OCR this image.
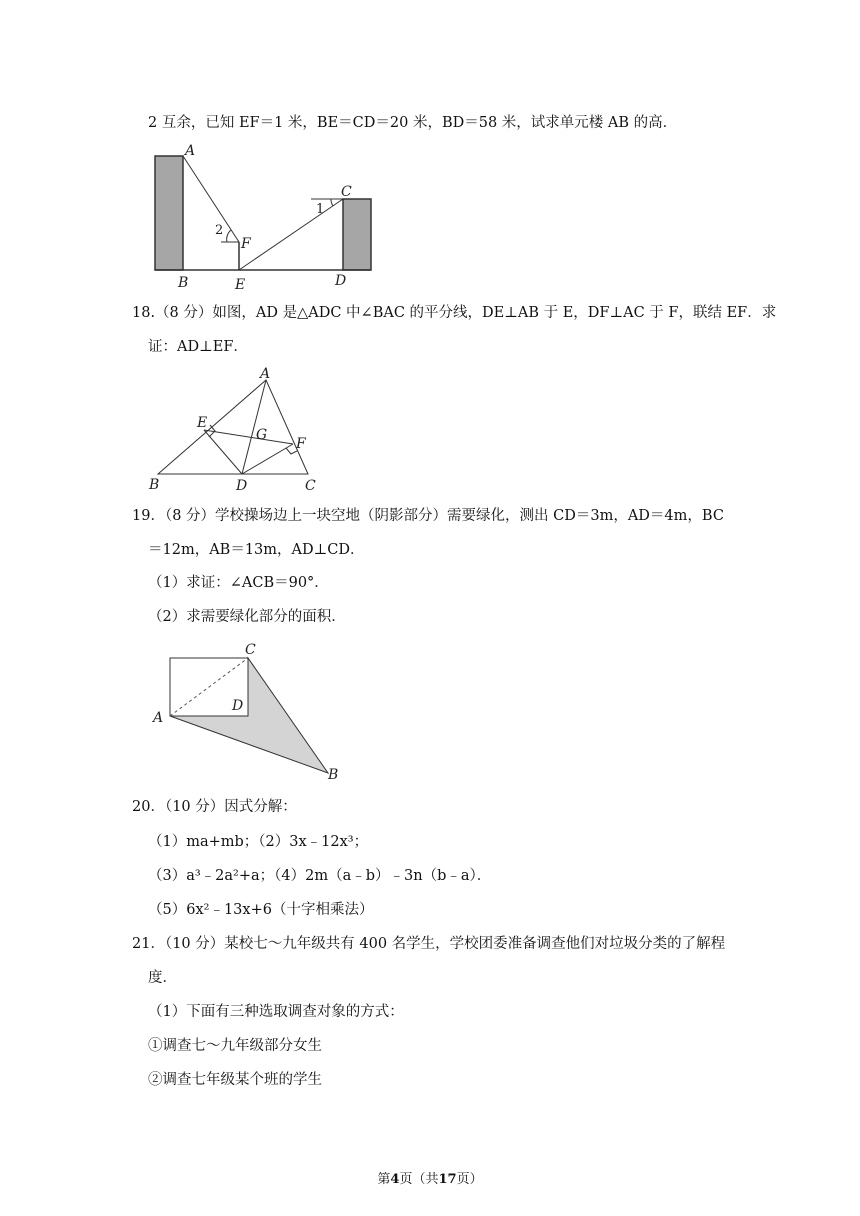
2 互余，已知 EF＝1 米，BE＝CD＝20 米，BD＝58 米，试求单元楼 AB 的高．
A
B	E
F
C
D
1
2
18.（8 分）如图，AD 是△ADC 中∠BAC 的平分线，DE⊥AB 于 E，DF⊥AC 于 F，联结 EF．求
证：AD⊥EF．
A
E
G
F
B	D	C
19．（8 分）学校操场边上一块空地（阴影部分）需要绿化，测出 CD＝3m，AD＝4m，BC
＝12m，AB＝13m，AD⊥CD．
（1）求证：∠ACB＝90°．
（2）求需要绿化部分的面积．
C
D
A
B
20．（10 分）因式分解：
（1）ma+mb；（2）3x﹣12x³；
（3）a³﹣2a²+a；（4）2m（a﹣b）﹣3n（b﹣a）．
（5）6x²﹣13x+6（十字相乘法）
21．（10 分）某校七～九年级共有 400 名学生，学校团委准备调查他们对垃圾分类的了解程
度．
（1）下面有三种选取调查对象的方式：
①调查七～九年级部分女生
②调查七年级某个班的学生
第4页（共17页）
